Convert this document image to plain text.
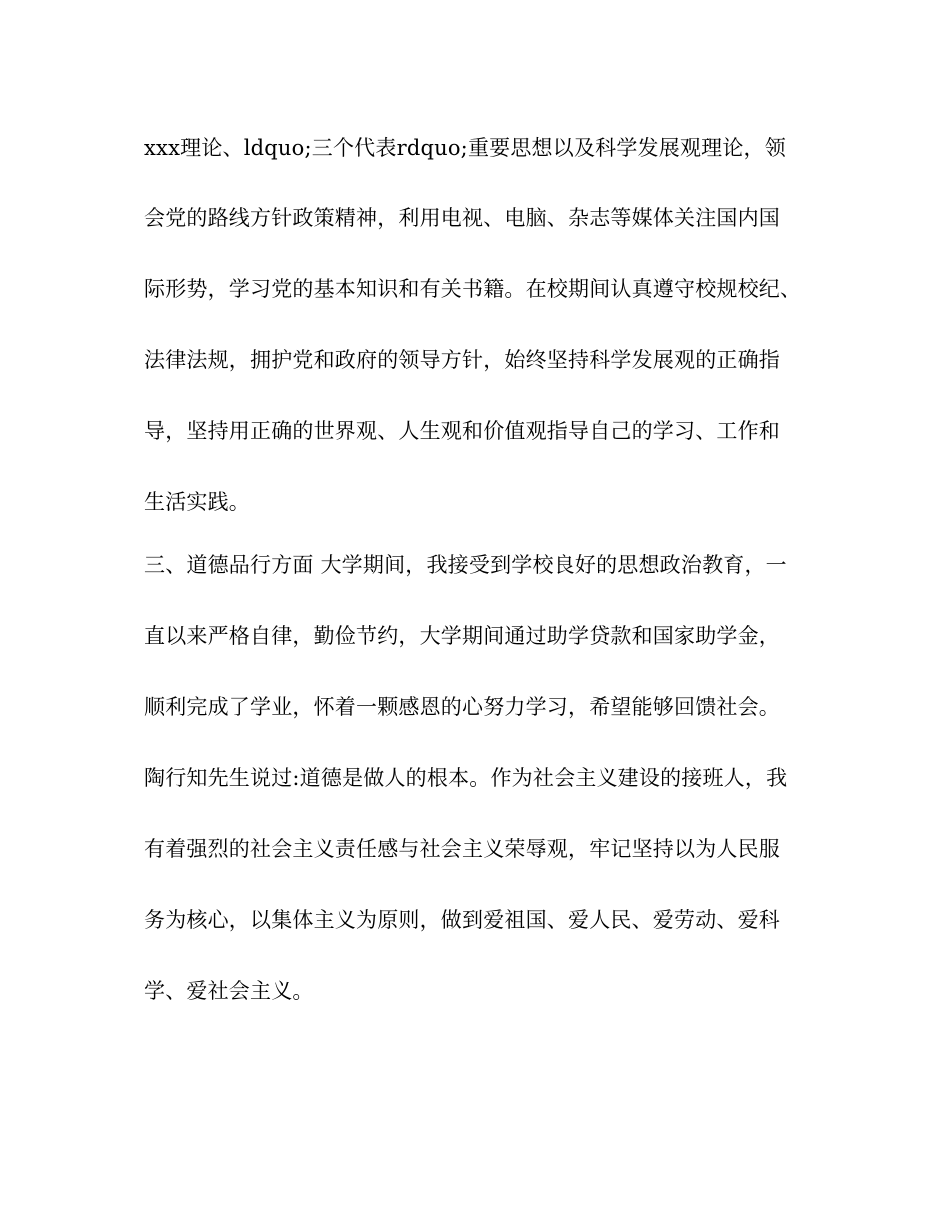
xxx理论、ldquo;三个代表rdquo;重要思想以及科学发展观理论，领
会党的路线方针政策精神，利用电视、电脑、杂志等媒体关注国内国
际形势，学习党的基本知识和有关书籍。在校期间认真遵守校规校纪、
法律法规，拥护党和政府的领导方针，始终坚持科学发展观的正确指
导，坚持用正确的世界观、人生观和价值观指导自己的学习、工作和
生活实践。
三、道德品行方面 大学期间，我接受到学校良好的思想政治教育，一
直以来严格自律，勤俭节约，大学期间通过助学贷款和国家助学金，
顺利完成了学业，怀着一颗感恩的心努力学习，希望能够回馈社会。
陶行知先生说过:道德是做人的根本。作为社会主义建设的接班人，我
有着强烈的社会主义责任感与社会主义荣辱观，牢记坚持以为人民服
务为核心，以集体主义为原则，做到爱祖国、爱人民、爱劳动、爱科
学、爱社会主义。
